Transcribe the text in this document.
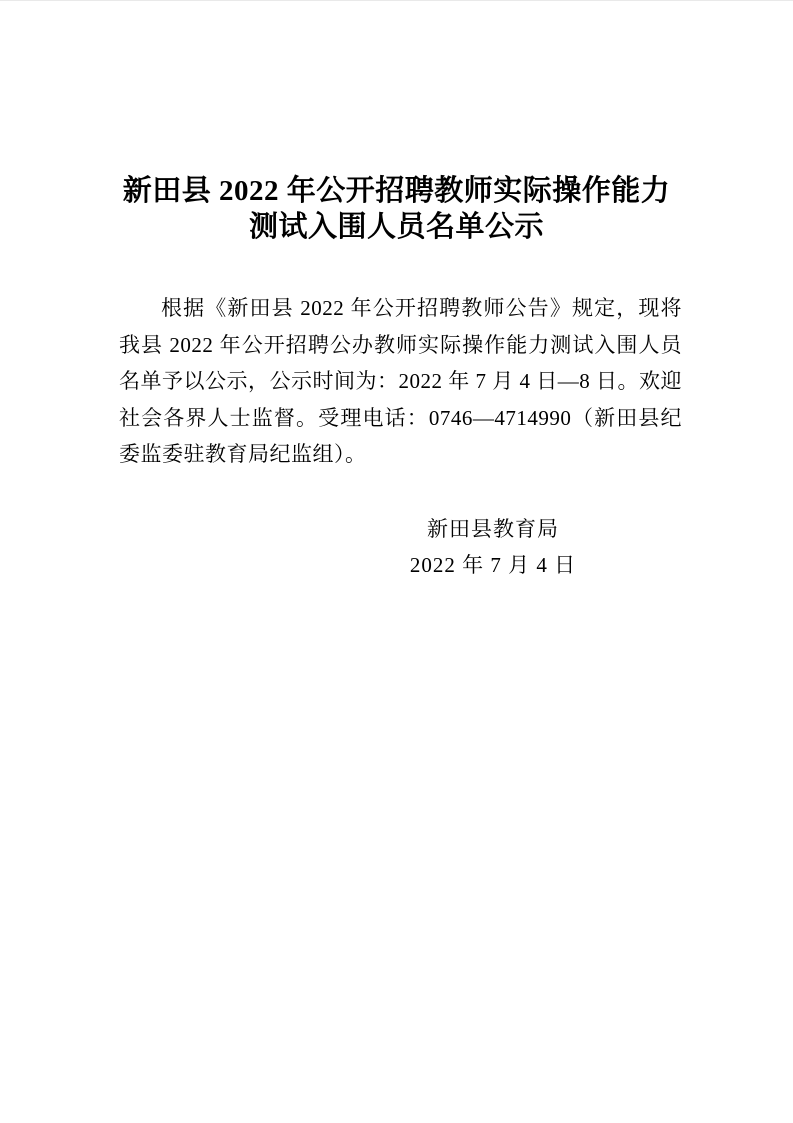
新田县 2022 年公开招聘教师实际操作能力
测试入围人员名单公示
根据《新田县 2022 年公开招聘教师公告》规定，现将
我县 2022 年公开招聘公办教师实际操作能力测试入围人员
名单予以公示，公示时间为：2022 年 7 月 4 日—8 日。欢迎
社会各界人士监督。受理电话：0746—4714990（新田县纪
委监委驻教育局纪监组）。
新田县教育局
2022 年 7 月 4 日
